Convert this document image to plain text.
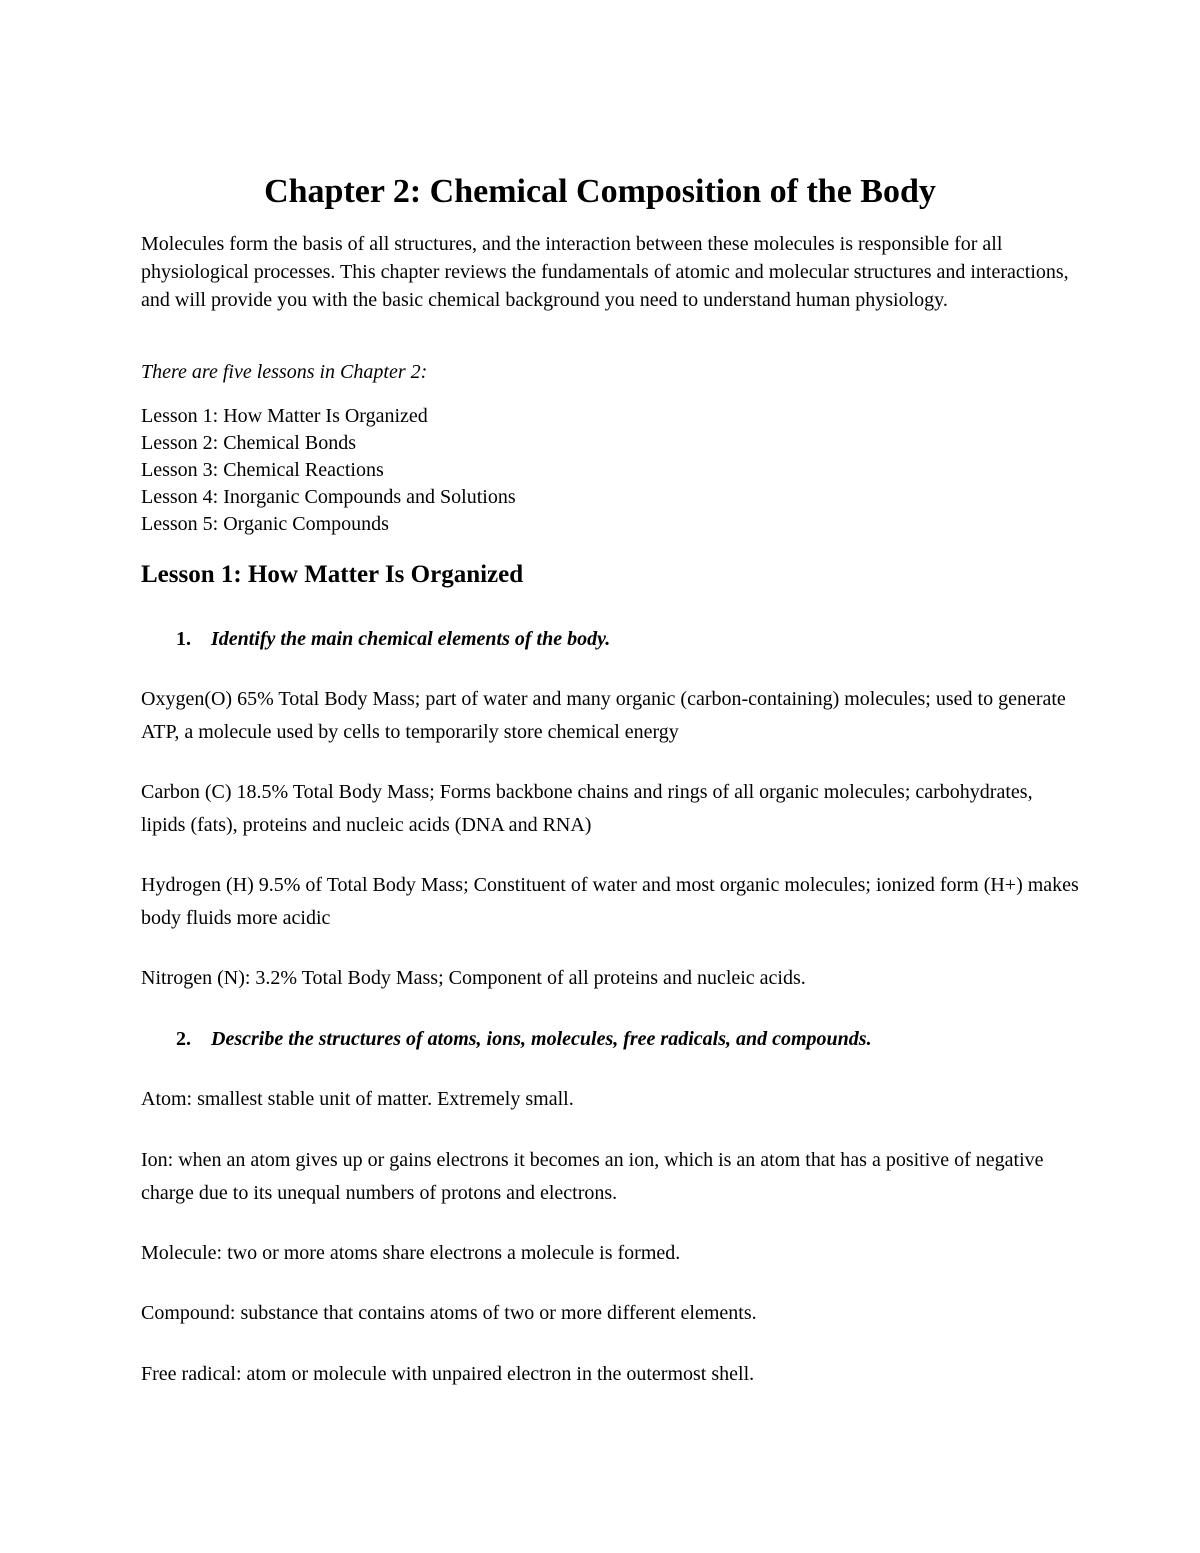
Chapter 2: Chemical Composition of the Body

Molecules form the basis of all structures, and the interaction between these molecules is responsible for all physiological processes. This chapter reviews the fundamentals of atomic and molecular structures and interactions, and will provide you with the basic chemical background you need to understand human physiology.

There are five lessons in Chapter 2:

Lesson 1: How Matter Is Organized
Lesson 2: Chemical Bonds
Lesson 3: Chemical Reactions
Lesson 4: Inorganic Compounds and Solutions
Lesson 5: Organic Compounds
Lesson 1: How Matter Is Organized

1. Identify the main chemical elements of the body.

Oxygen(O) 65% Total Body Mass; part of water and many organic (carbon-containing) molecules; used to generate ATP, a molecule used by cells to temporarily store chemical energy

Carbon (C) 18.5% Total Body Mass; Forms backbone chains and rings of all organic molecules; carbohydrates, lipids (fats), proteins and nucleic acids (DNA and RNA)

Hydrogen (H) 9.5% of Total Body Mass; Constituent of water and most organic molecules; ionized form (H+) makes body fluids more acidic

Nitrogen (N): 3.2% Total Body Mass; Component of all proteins and nucleic acids.

2. Describe the structures of atoms, ions, molecules, free radicals, and compounds.

Atom: smallest stable unit of matter. Extremely small.

Ion: when an atom gives up or gains electrons it becomes an ion, which is an atom that has a positive of negative charge due to its unequal numbers of protons and electrons.

Molecule: two or more atoms share electrons a molecule is formed.

Compound: substance that contains atoms of two or more different elements.

Free radical: atom or molecule with unpaired electron in the outermost shell.
